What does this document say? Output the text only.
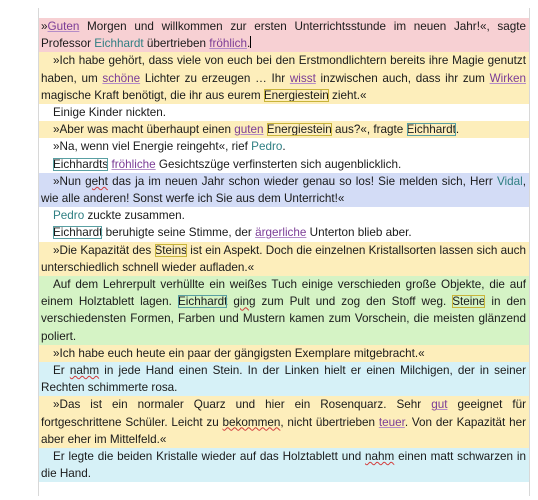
»Guten Morgen und willkommen zur ersten Unterrichtsstunde im neuen Jahr!«, sagte Professor Eichhardt übertrieben fröhlich.

»Ich habe gehört, dass viele von euch bei den Erstmondlichtern bereits ihre Magie genutzt haben, um schöne Lichter zu erzeugen … Ihr wisst inzwischen auch, dass ihr zum Wirken magische Kraft benötigt, die ihr aus eurem Energiestein zieht.«

Einige Kinder nickten.

»Aber was macht überhaupt einen guten Energiestein aus?«, fragte Eichhardt.

»Na, wenn viel Energie reingeht«, rief Pedro.

Eichhardts fröhliche Gesichtszüge verfinsterten sich augenblicklich.

»Nun geht das ja im neuen Jahr schon wieder genau so los! Sie melden sich, Herr Vidal, wie alle anderen! Sonst werfe ich Sie aus dem Unterricht!«

Pedro zuckte zusammen.

Eichhardt beruhigte seine Stimme, der ärgerliche Unterton blieb aber.

»Die Kapazität des Steins ist ein Aspekt. Doch die einzelnen Kristallsorten lassen sich auch unterschiedlich schnell wieder aufladen.«

Auf dem Lehrerpult verhüllte ein weißes Tuch einige verschieden große Objekte, die auf einem Holztablett lagen. Eichhardt ging zum Pult und zog den Stoff weg. Steine in den verschiedensten Formen, Farben und Mustern kamen zum Vorschein, die meisten glänzend poliert.

»Ich habe euch heute ein paar der gängigsten Exemplare mitgebracht.«

Er nahm in jede Hand einen Stein. In der Linken hielt er einen Milchigen, der in seiner Rechten schimmerte rosa.

»Das ist ein normaler Quarz und hier ein Rosenquarz. Sehr gut geeignet für fortgeschrittene Schüler. Leicht zu bekommen, nicht übertrieben teuer. Von der Kapazität her aber eher im Mittelfeld.«

Er legte die beiden Kristalle wieder auf das Holztablett und nahm einen matt schwarzen in die Hand.
